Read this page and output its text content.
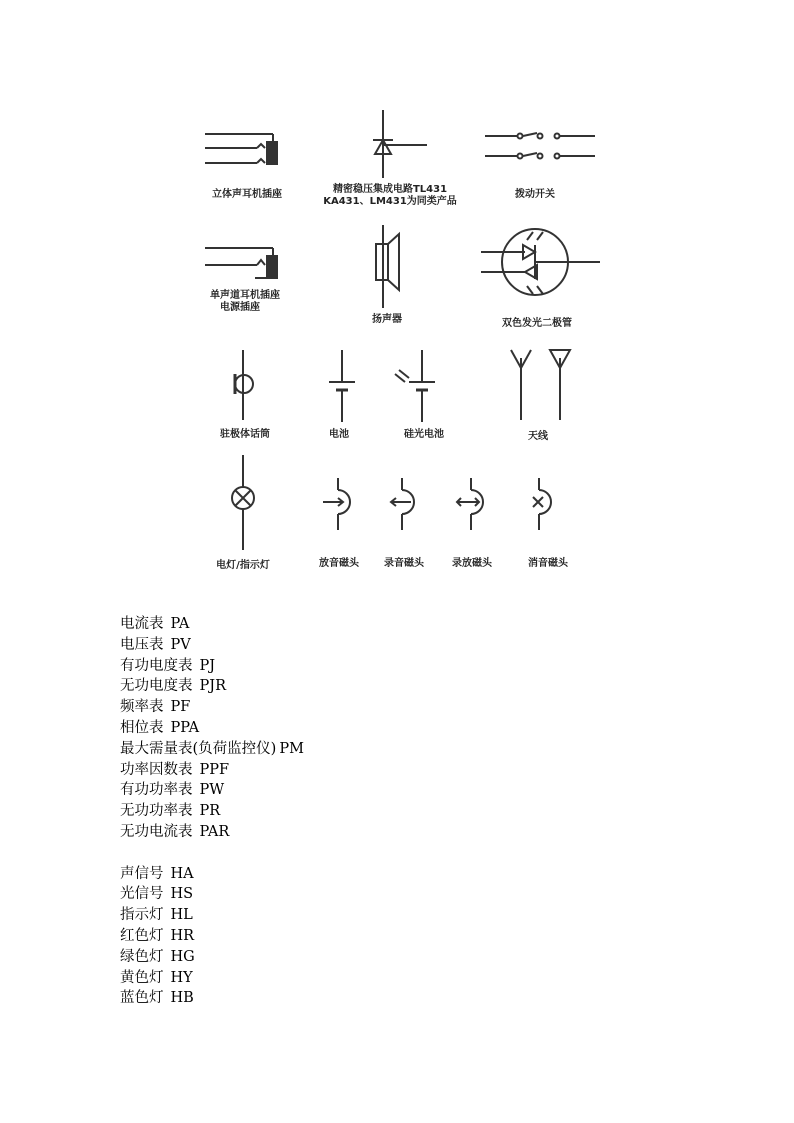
立体声耳机插座	精密稳压集成电路TL431
KA431、LM431为同类产品
拨动开关
单声道耳机插座
电源插座
扬声器	双色发光二极管
驻极体话筒	电池	硅光电池	天线
电灯/指示灯	放音磁头	录音磁头	录放磁头	消音磁头
电流表 PA
电压表 PV
有功电度表 PJ
无功电度表 PJR
频率表 PF
相位表 PPA
最大需量表(负荷监控仪) PM
功率因数表 PPF
有功功率表 PW
无功功率表 PR
无功电流表 PAR
声信号 HA
光信号 HS
指示灯 HL
红色灯 HR
绿色灯 HG
黄色灯 HY
蓝色灯 HB
